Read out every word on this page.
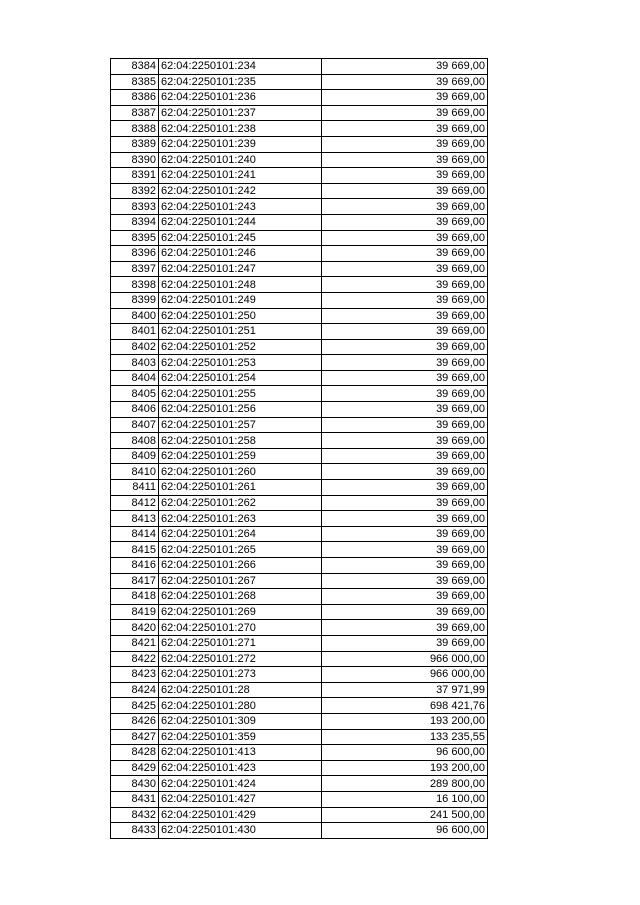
8384	62:04:2250101:234	39 669,00
8385	62:04:2250101:235	39 669,00
8386	62:04:2250101:236	39 669,00
8387	62:04:2250101:237	39 669,00
8388	62:04:2250101:238	39 669,00
8389	62:04:2250101:239	39 669,00
8390	62:04:2250101:240	39 669,00
8391	62:04:2250101:241	39 669,00
8392	62:04:2250101:242	39 669,00
8393	62:04:2250101:243	39 669,00
8394	62:04:2250101:244	39 669,00
8395	62:04:2250101:245	39 669,00
8396	62:04:2250101:246	39 669,00
8397	62:04:2250101:247	39 669,00
8398	62:04:2250101:248	39 669,00
8399	62:04:2250101:249	39 669,00
8400	62:04:2250101:250	39 669,00
8401	62:04:2250101:251	39 669,00
8402	62:04:2250101:252	39 669,00
8403	62:04:2250101:253	39 669,00
8404	62:04:2250101:254	39 669,00
8405	62:04:2250101:255	39 669,00
8406	62:04:2250101:256	39 669,00
8407	62:04:2250101:257	39 669,00
8408	62:04:2250101:258	39 669,00
8409	62:04:2250101:259	39 669,00
8410	62:04:2250101:260	39 669,00
8411	62:04:2250101:261	39 669,00
8412	62:04:2250101:262	39 669,00
8413	62:04:2250101:263	39 669,00
8414	62:04:2250101:264	39 669,00
8415	62:04:2250101:265	39 669,00
8416	62:04:2250101:266	39 669,00
8417	62:04:2250101:267	39 669,00
8418	62:04:2250101:268	39 669,00
8419	62:04:2250101:269	39 669,00
8420	62:04:2250101:270	39 669,00
8421	62:04:2250101:271	39 669,00
8422	62:04:2250101:272	966 000,00
8423	62:04:2250101:273	966 000,00
8424	62:04:2250101:28	37 971,99
8425	62:04:2250101:280	698 421,76
8426	62:04:2250101:309	193 200,00
8427	62:04:2250101:359	133 235,55
8428	62:04:2250101:413	96 600,00
8429	62:04:2250101:423	193 200,00
8430	62:04:2250101:424	289 800,00
8431	62:04:2250101:427	16 100,00
8432	62:04:2250101:429	241 500,00
8433	62:04:2250101:430	96 600,00
